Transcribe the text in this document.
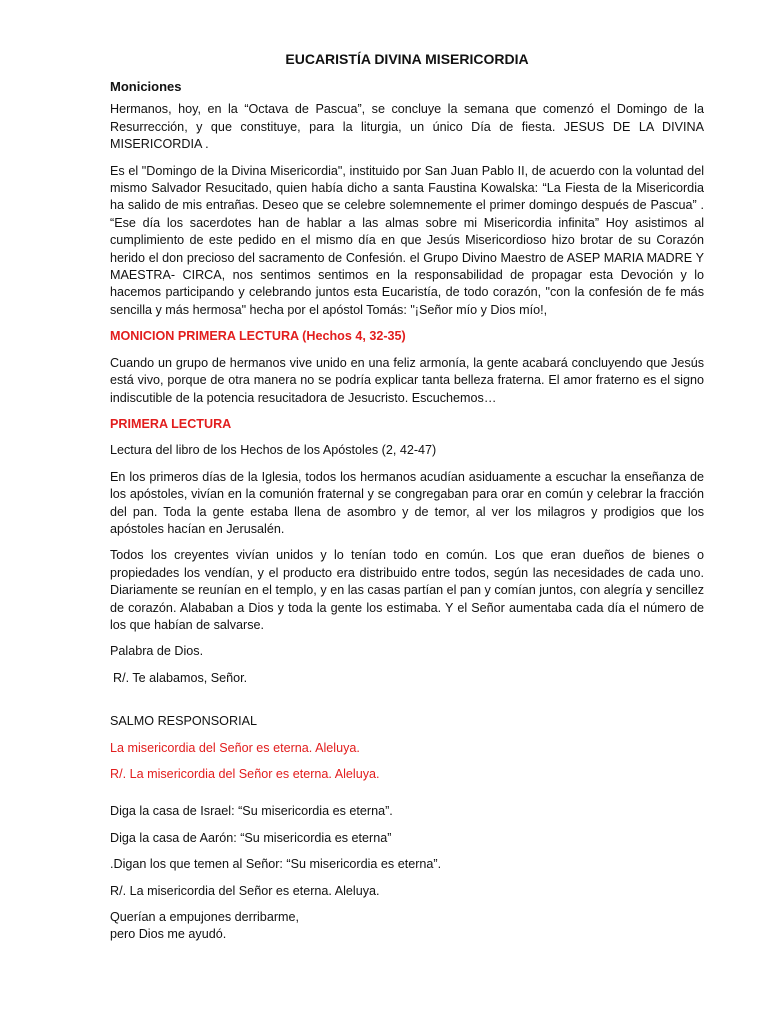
EUCARISTÍA DIVINA MISERICORDIA
Moniciones

Hermanos, hoy, en la “Octava de Pascua”, se concluye la semana que comenzó el Domingo de la Resurrección, y que constituye, para la liturgia, un único Día de fiesta. JESUS DE LA DIVINA MISERICORDIA .

Es el "Domingo de la Divina Misericordia", instituido por San Juan Pablo II, de acuerdo con la voluntad del mismo Salvador Resucitado, quien había dicho a santa Faustina Kowalska: “La Fiesta de la Misericordia ha salido de mis entrañas. Deseo que se celebre solemnemente el primer domingo después de Pascua” . “Ese día los sacerdotes han de hablar a las almas sobre mi Misericordia infinita” Hoy asistimos al cumplimiento de este pedido en el mismo día en que Jesús Misericordioso hizo brotar de su Corazón herido el don precioso del sacramento de Confesión. el Grupo Divino Maestro de ASEP MARIA MADRE Y MAESTRA- CIRCA, nos sentimos sentimos en la responsabilidad de propagar esta Devoción y lo hacemos participando y celebrando juntos esta Eucaristía, de todo corazón, "con la confesión de fe más sencilla y más hermosa" hecha por el apóstol Tomás: "¡Señor mío y Dios mío!,

MONICION PRIMERA LECTURA (Hechos 4, 32-35)

Cuando un grupo de hermanos vive unido en una feliz armonía, la gente acabará concluyendo que Jesús está vivo, porque de otra manera no se podría explicar tanta belleza fraterna. El amor fraterno es el signo indiscutible de la potencia resucitadora de Jesucristo. Escuchemos…

PRIMERA LECTURA

Lectura del libro de los Hechos de los Apóstoles (2, 42-47)

En los primeros días de la Iglesia, todos los hermanos acudían asiduamente a escuchar la enseñanza de los apóstoles, vivían en la comunión fraternal y se congregaban para orar en común y celebrar la fracción del pan. Toda la gente estaba llena de asombro y de temor, al ver los milagros y prodigios que los apóstoles hacían en Jerusalén.

Todos los creyentes vivían unidos y lo tenían todo en común. Los que eran dueños de bienes o propiedades los vendían, y el producto era distribuido entre todos, según las necesidades de cada uno. Diariamente se reunían en el templo, y en las casas partían el pan y comían juntos, con alegría y sencillez de corazón. Alababan a Dios y toda la gente los estimaba. Y el Señor aumentaba cada día el número de los que habían de salvarse.

Palabra de Dios.

R/. Te alabamos, Señor.

SALMO RESPONSORIAL

La misericordia del Señor es eterna. Aleluya.

R/. La misericordia del Señor es eterna. Aleluya.

Diga la casa de Israel: “Su misericordia es eterna”.

Diga la casa de Aarón: “Su misericordia es eterna”

.Digan los que temen al Señor: “Su misericordia es eterna”.

R/. La misericordia del Señor es eterna. Aleluya.

Querían a empujones derribarme,
pero Dios me ayudó.
